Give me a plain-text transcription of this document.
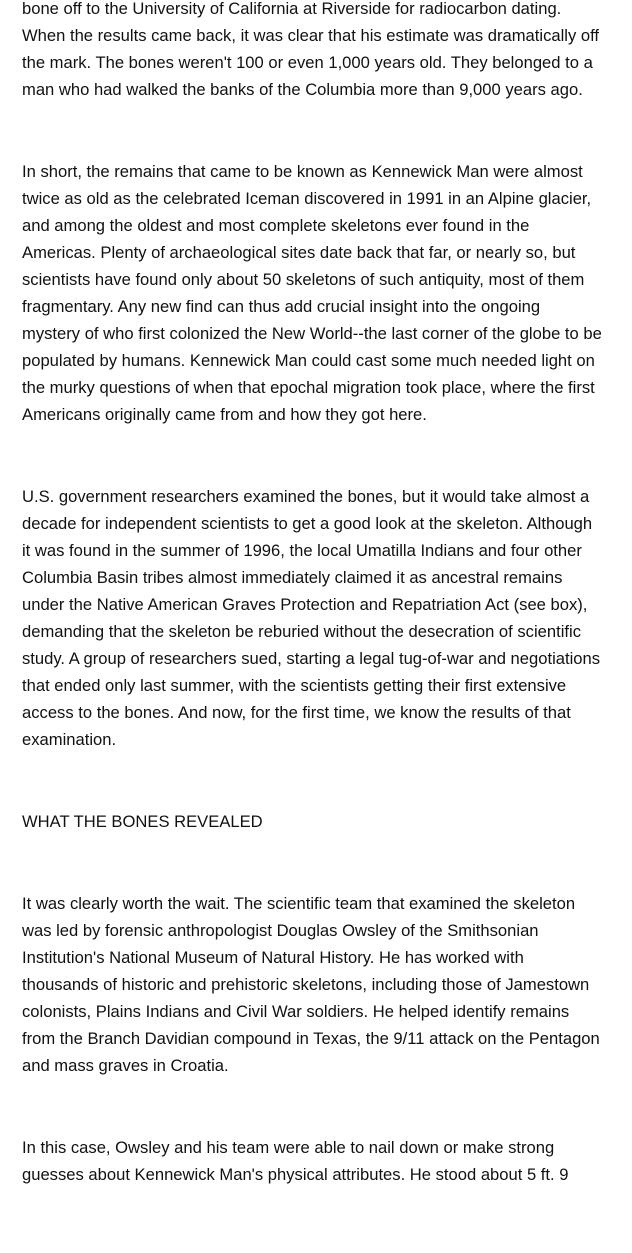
bone off to the University of California at Riverside for radiocarbon dating. When the results came back, it was clear that his estimate was dramatically off the mark. The bones weren't 100 or even 1,000 years old. They belonged to a man who had walked the banks of the Columbia more than 9,000 years ago.

In short, the remains that came to be known as Kennewick Man were almost twice as old as the celebrated Iceman discovered in 1991 in an Alpine glacier, and among the oldest and most complete skeletons ever found in the Americas. Plenty of archaeological sites date back that far, or nearly so, but scientists have found only about 50 skeletons of such antiquity, most of them fragmentary. Any new find can thus add crucial insight into the ongoing mystery of who first colonized the New World--the last corner of the globe to be populated by humans. Kennewick Man could cast some much needed light on the murky questions of when that epochal migration took place, where the first Americans originally came from and how they got here.

U.S. government researchers examined the bones, but it would take almost a decade for independent scientists to get a good look at the skeleton. Although it was found in the summer of 1996, the local Umatilla Indians and four other Columbia Basin tribes almost immediately claimed it as ancestral remains under the Native American Graves Protection and Repatriation Act (see box), demanding that the skeleton be reburied without the desecration of scientific study. A group of researchers sued, starting a legal tug-of-war and negotiations that ended only last summer, with the scientists getting their first extensive access to the bones. And now, for the first time, we know the results of that examination.

WHAT THE BONES REVEALED

It was clearly worth the wait. The scientific team that examined the skeleton was led by forensic anthropologist Douglas Owsley of the Smithsonian Institution's National Museum of Natural History. He has worked with thousands of historic and prehistoric skeletons, including those of Jamestown colonists, Plains Indians and Civil War soldiers. He helped identify remains from the Branch Davidian compound in Texas, the 9/11 attack on the Pentagon and mass graves in Croatia.

In this case, Owsley and his team were able to nail down or make strong guesses about Kennewick Man's physical attributes. He stood about 5 ft. 9
